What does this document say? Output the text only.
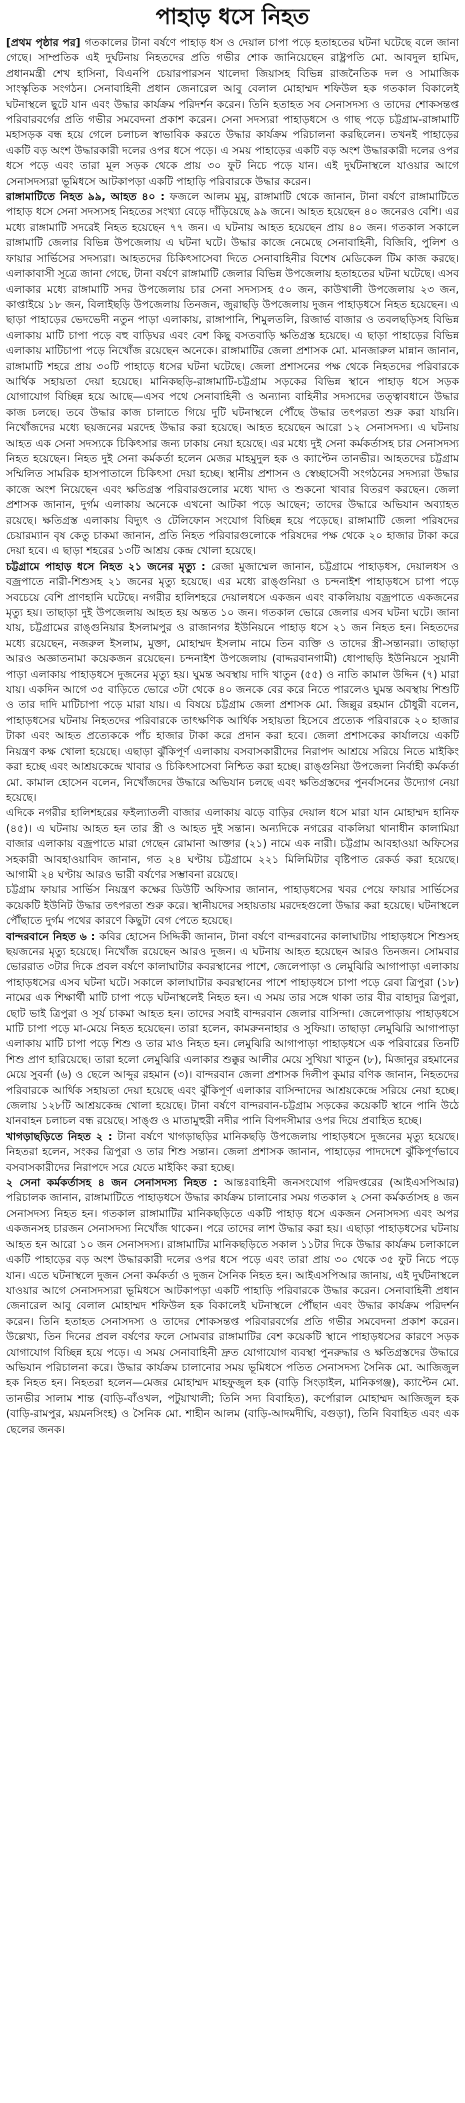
পাহাড় ধসে নিহত

[প্রথম পৃষ্ঠার পর] গতকালের টানা বর্ষণে পাহাড় ধস ও দেয়াল চাপা পড়ে হতাহতের ঘটনা ঘটেছে বলে জানা গেছে। সাম্প্রতিক এই দুর্ঘটনায় নিহতদের প্রতি গভীর শোক জানিয়েছেন রাষ্ট্রপতি মো. আবদুল হামিদ, প্রধানমন্ত্রী শেখ হাসিনা, বিএনপি চেয়ারপারসন খালেদা জিয়াসহ বিভিন্ন রাজনৈতিক দল ও সামাজিক সাংস্কৃতিক সংগঠন। সেনাবাহিনী প্রধান জেনারেল আবু বেলাল মোহাম্মদ শফিউল হক গতকাল বিকালেই ঘটনাস্থলে ছুটে যান এবং উদ্ধার কার্যক্রম পরিদর্শন করেন। তিনি হতাহত সব সেনাসদস্য ও তাদের শোকসন্তপ্ত পরিবারবর্গের প্রতি গভীর সমবেদনা প্রকাশ করেন। সেনা সদস্যরা পাহাড়ধসে ও গাছ পড়ে চট্টগ্রাম-রাঙ্গামাটি মহাসড়ক বন্ধ হয়ে গেলে চলাচল স্বাভাবিক করতে উদ্ধার কার্যক্রম পরিচালনা করছিলেন। তখনই পাহাড়ের একটি বড় অংশ উদ্ধারকারী দলের ওপর ধসে পড়ে। এ সময় পাহাড়ের একটি বড় অংশ উদ্ধারকারী দলের ওপর ধসে পড়ে এবং তারা মূল সড়ক থেকে প্রায় ৩০ ফুট নিচে পড়ে যান। এই দুর্ঘটনাস্থলে যাওয়ার আগে সেনাসদস্যরা ভূমিধসে আটকাপড়া একটি পাহাড়ি পরিবারকে উদ্ধার করেন।

রাঙ্গামাটিতে নিহত ৯৯, আহত ৪০ : ফজলে আলম মুমু, রাঙ্গামাটি থেকে জানান, টানা বর্ষণে রাঙ্গামাটিতে পাহাড় ধসে সেনা সদস্যসহ নিহতের সংখ্যা বেড়ে দাঁড়িয়েছে ৯৯ জনে। আহত হয়েছেন ৪০ জনেরও বেশি। এর মধ্যে রাঙ্গামাটি সদরেই নিহত হয়েছেন ৭৭ জন। এ ঘটনায় আহত হয়েছেন প্রায় ৪০ জন। গতকাল সকালে রাঙ্গামাটি জেলার বিভিন্ন উপজেলায় এ ঘটনা ঘটে। উদ্ধার কাজে নেমেছে সেনাবাহিনী, বিজিবি, পুলিশ ও ফায়ার সার্ভিসের সদস্যরা। আহতদের চিকিৎসাসেবা দিতে সেনাবাহিনীর বিশেষ মেডিকেল টিম কাজ করছে। এলাকাবাসী সূত্রে জানা গেছে, টানা বর্ষণে রাঙ্গামাটি জেলার বিভিন্ন উপজেলায় হতাহতের ঘটনা ঘটেছে। এসব এলাকার মধ্যে রাঙ্গামাটি সদর উপজেলায় চার সেনা সদস্যসহ ৫০ জন, কাউখালী উপজেলায় ২৩ জন, কাপ্তাইয়ে ১৮ জন, বিলাইছড়ি উপজেলায় তিনজন, জুরাছড়ি উপজেলায় দুজন পাহাড়ধসে নিহত হয়েছেন। এ ছাড়া পাহাড়ের ভেদভেদী নতুন পাড়া এলাকায়, রাঙ্গাপানি, শিমুলতলি, রিজার্ভ বাজার ও তবলছড়িসহ বিভিন্ন এলাকায় মাটি চাপা পড়ে বহু বাড়িঘর এবং বেশ কিছু বসতবাড়ি ক্ষতিগ্রস্ত হয়েছে। এ ছাড়া পাহাড়ের বিভিন্ন এলাকায় মাটিচাপা পড়ে নিখোঁজ রয়েছেন অনেকে। রাঙ্গামাটির জেলা প্রশাসক মো. মানজারুল মান্নান জানান, রাঙ্গামাটি শহরে প্রায় ৩০টি পাহাড়ে ধসের ঘটনা ঘটেছে। জেলা প্রশাসনের পক্ষ থেকে নিহতদের পরিবারকে আর্থিক সহায়তা দেয়া হয়েছে। মানিকছড়ি-রাঙ্গামাটি-চট্টগ্রাম সড়কের বিভিন্ন স্থানে পাহাড় ধসে সড়ক যোগাযোগ বিচ্ছিন্ন হয়ে আছে—এসব পথে সেনাবাহিনী ও অন্যান্য বাহিনীর সদস্যদের তত্ত্বাবধানে উদ্ধার কাজ চলছে। তবে উদ্ধার কাজ চালাতে গিয়ে দুটি ঘটনাস্থলে পৌঁছে উদ্ধার তৎপরতা শুরু করা যায়নি। নিখোঁজদের মধ্যে ছয়জনের মরদেহ উদ্ধার করা হয়েছে। আহত হয়েছেন আরো ১২ সেনাসদস্য। এ ঘটনায় আহত এক সেনা সদস্যকে চিকিৎসার জন্য ঢাকায় নেয়া হয়েছে। এর মধ্যে দুই সেনা কর্মকর্তাসহ চার সেনাসদস্য নিহত হয়েছেন। নিহত দুই সেনা কর্মকর্তা হলেন মেজর মাহমুদুল হক ও ক্যাপ্টেন তানভীর। আহতদের চট্টগ্রাম সম্মিলিত সামরিক হাসপাতালে চিকিৎসা দেয়া হচ্ছে। স্থানীয় প্রশাসন ও স্বেচ্ছাসেবী সংগঠনের সদস্যরা উদ্ধার কাজে অংশ নিয়েছেন এবং ক্ষতিগ্রস্ত পরিবারগুলোর মধ্যে খাদ্য ও শুকনো খাবার বিতরণ করছেন। জেলা প্রশাসক জানান, দুর্গম এলাকায় অনেকে এখনো আটকা পড়ে আছেন; তাদের উদ্ধারে অভিযান অব্যাহত রয়েছে। ক্ষতিগ্রস্ত এলাকায় বিদ্যুৎ ও টেলিফোন সংযোগ বিচ্ছিন্ন হয়ে পড়েছে। রাঙ্গামাটি জেলা পরিষদের চেয়ারম্যান বৃষ কেতু চাকমা জানান, প্রতি নিহত পরিবারগুলোকে পরিষদের পক্ষ থেকে ২০ হাজার টাকা করে দেয়া হবে। এ ছাড়া শহরের ১৩টি আশ্রয় কেন্দ্র খোলা হয়েছে।

চট্টগ্রামে পাহাড় ধসে নিহত ২১ জনের মৃত্যু : রেজা মুজাম্মেল জানান, চট্টগ্রামে পাহাড়ধস, দেয়ালধস ও বজ্রপাতে নারী-শিশুসহ ২১ জনের মৃত্যু হয়েছে। এর মধ্যে রাঙ্গুনিয়া ও চন্দনাইশ পাহাড়ধসে চাপা পড়ে সবচেয়ে বেশি প্রাণহানি ঘটেছে। নগরীর হালিশহরে দেয়ালধসে একজন এবং বাকলিয়ায় বজ্রপাতে একজনের মৃত্যু হয়। তাছাড়া দুই উপজেলায় আহত হয় অন্তত ১০ জন। গতকাল ভোরে জেলার এসব ঘটনা ঘটে। জানা যায়, চট্টগ্রামের রাঙ্গুনিয়ার ইসলামপুর ও রাজানগর ইউনিয়নে পাহাড় ধসে ২১ জন নিহত হন। নিহতদের মধ্যে রয়েছেন, নজরুল ইসলাম, মুক্তা, মোহাম্মদ ইসলাম নামে তিন ব্যক্তি ও তাদের স্ত্রী-সন্তানরা। তাছাড়া আরও অজ্ঞাতনামা কয়েকজন রয়েছেন। চন্দনাইশ উপজেলায় (বাদ্দরবানগামী) ধোপাছড়ি ইউনিয়নে সুয়ানী পাড়া এলাকায় পাহাড়ধসে দুজনের মৃত্যু হয়। ঘুমন্ত অবস্থায় দাদি খাতুন (৫৫) ও নাতি কামাল উদ্দিন (৭) মারা যায়। একদিন আগে ৩৫ বাড়িতে ভোরে ৩টা থেকে ৪০ জনকে বের করে নিতে পারলেও ঘুমন্ত অবস্থায় শিশুটি ও তার দাদি মাটিচাপা পড়ে মারা যায়। এ বিষয়ে চট্টগ্রাম জেলা প্রশাসক মো. জিল্লুর রহমান চৌধুরী বলেন, পাহাড়ধসের ঘটনায় নিহতদের পরিবারকে তাৎক্ষণিক আর্থিক সহায়তা হিসেবে প্রত্যেক পরিবারকে ২০ হাজার টাকা এবং আহত প্রত্যেককে পাঁচ হাজার টাকা করে প্রদান করা হবে। জেলা প্রশাসকের কার্যালয়ে একটি নিয়ন্ত্রণ কক্ষ খোলা হয়েছে। এছাড়া ঝুঁকিপূর্ণ এলাকায় বসবাসকারীদের নিরাপদ আশ্রয়ে সরিয়ে নিতে মাইকিং করা হচ্ছে এবং আশ্রয়কেন্দ্রে খাবার ও চিকিৎসাসেবা নিশ্চিত করা হচ্ছে। রাঙ্গুনিয়া উপজেলা নির্বাহী কর্মকর্তা মো. কামাল হোসেন বলেন, নিখোঁজদের উদ্ধারে অভিযান চলছে এবং ক্ষতিগ্রস্তদের পুনর্বাসনের উদ্যোগ নেয়া হয়েছে।

এদিকে নগরীর হালিশহরের ফইল্যাতলী বাজার এলাকায় ঝড়ে বাড়ির দেয়াল ধসে মারা যান মোহাম্মদ হানিফ (৪৫)। এ ঘটনায় আহত হন তার স্ত্রী ও আহত দুই সন্তান। অন্যদিকে নগরের বাকলিয়া থানাধীন কালামিয়া বাজার এলাকায় বজ্রপাতে মারা গেছেন রোমানা আক্তার (২১) নামে এক নারী। চট্টগ্রাম আবহাওয়া অফিসের সহকারী আবহাওয়াবিদ জানান, গত ২৪ ঘণ্টায় চট্টগ্রামে ২২১ মিলিমিটার বৃষ্টিপাত রেকর্ড করা হয়েছে। আগামী ২৪ ঘণ্টায় আরও ভারী বর্ষণের সম্ভাবনা রয়েছে।

চট্টগ্রাম ফায়ার সার্ভিস নিয়ন্ত্রণ কক্ষের ডিউটি অফিসার জানান, পাহাড়ধসের খবর পেয়ে ফায়ার সার্ভিসের কয়েকটি ইউনিট উদ্ধার তৎপরতা শুরু করে। স্থানীয়দের সহায়তায় মরদেহগুলো উদ্ধার করা হয়েছে। ঘটনাস্থলে পৌঁছাতে দুর্গম পথের কারণে কিছুটা বেগ পেতে হয়েছে।

বান্দরবানে নিহত ৬ : কবির হোসেন সিদ্দিকী জানান, টানা বর্ষণে বান্দরবানের কালাঘাটায় পাহাড়ধসে শিশুসহ ছয়জনের মৃত্যু হয়েছে। নিখোঁজ রয়েছেন আরও দুজন। এ ঘটনায় আহত হয়েছেন আরও তিনজন। সোমবার ভোররাত ৩টার দিকে প্রবল বর্ষণে কালাঘাটার কবরস্থানের পাশে, জেলেপাড়া ও লেমুঝিরি আগাপাড়া এলাকায় পাহাড়ধসের এসব ঘটনা ঘটে। সকালে কালাঘাটার কবরস্থানের পাশে পাহাড়ধসে চাপা পড়ে রেবা ত্রিপুরা (১৮) নামের এক শিক্ষার্থী মাটি চাপা পড়ে ঘটনাস্থলেই নিহত হন। এ সময় তার সঙ্গে থাকা তার বীর বাহাদুর ত্রিপুরা, ছোট ভাই ত্রিপুরা ও সূর্য চাকমা আহত হন। তাদের সবাই বান্দরবান জেলার বাসিন্দা। জেলেপাড়ায় পাহাড়ধসে মাটি চাপা পড়ে মা-মেয়ে নিহত হয়েছেন। তারা হলেন, কামরুননাহার ও সুফিয়া। তাছাড়া লেমুঝিরি আগাপাড়া এলাকায় মাটি চাপা পড়ে শিশু ও তার মাও নিহত হন। লেমুঝিরি আগাপাড়া পাহাড়ধসে এক পরিবারের তিনটি শিশু প্রাণ হারিয়েছে। তারা হলো লেমুঝিরি এলাকার শুক্কুর আলীর মেয়ে সুখিয়া খাতুন (৮), মিজানুর রহমানের মেয়ে সুবর্না (৬) ও ছেলে আব্দুর রহমান (৩)। বান্দরবান জেলা প্রশাসক দিলীপ কুমার বণিক জানান, নিহতদের পরিবারকে আর্থিক সহায়তা দেয়া হয়েছে এবং ঝুঁকিপূর্ণ এলাকার বাসিন্দাদের আশ্রয়কেন্দ্রে সরিয়ে নেয়া হচ্ছে। জেলায় ১২৮টি আশ্রয়কেন্দ্র খোলা হয়েছে। টানা বর্ষণে বান্দরবান-চট্টগ্রাম সড়কের কয়েকটি স্থানে পানি উঠে যানবাহন চলাচল বন্ধ রয়েছে। সাঙ্গু ও মাতামুহুরী নদীর পানি বিপদসীমার ওপর দিয়ে প্রবাহিত হচ্ছে।

খাগড়াছড়িতে নিহত ২ : টানা বর্ষণে খাগড়াছড়ির মানিকছড়ি উপজেলায় পাহাড়ধসে দুজনের মৃত্যু হয়েছে। নিহতরা হলেন, সংকর ত্রিপুরা ও তার শিশু সন্তান। জেলা প্রশাসক জানান, পাহাড়ের পাদদেশে ঝুঁকিপূর্ণভাবে বসবাসকারীদের নিরাপদে সরে যেতে মাইকিং করা হচ্ছে।

২ সেনা কর্মকর্তাসহ ৪ জন সেনাসদস্য নিহত : আন্তঃবাহিনী জনসংযোগ পরিদপ্তরের (আইএসপিআর) পরিচালক জানান, রাঙ্গামাটিতে পাহাড়ধসে উদ্ধার কার্যক্রম চালানোর সময় গতকাল ২ সেনা কর্মকর্তাসহ ৪ জন সেনাসদস্য নিহত হন। গতকাল রাঙ্গামাটির মানিকছড়িতে একটি পাহাড় ধসে একজন সেনাসদস্য এবং অপর একজনসহ চারজন সেনাসদস্য নিখোঁজ থাকেন। পরে তাদের লাশ উদ্ধার করা হয়। এছাড়া পাহাড়ধসের ঘটনায় আহত হন আরো ১০ জন সেনাসদস্য। রাঙ্গামাটির মানিকছড়িতে সকাল ১১টার দিকে উদ্ধার কার্যক্রম চলাকালে একটি পাহাড়ের বড় অংশ উদ্ধারকারী দলের ওপর ধসে পড়ে এবং তারা প্রায় ৩০ থেকে ৩৫ ফুট নিচে পড়ে যান। এতে ঘটনাস্থলে দুজন সেনা কর্মকর্তা ও দুজন সৈনিক নিহত হন। আইএসপিআর জানায়, এই দুর্ঘটনাস্থলে যাওয়ার আগে সেনাসদস্যরা ভূমিধসে আটকাপড়া একটি পাহাড়ি পরিবারকে উদ্ধার করেন। সেনাবাহিনী প্রধান জেনারেল আবু বেলাল মোহাম্মদ শফিউল হক বিকালেই ঘটনাস্থলে পৌঁছান এবং উদ্ধার কার্যক্রম পরিদর্শন করেন। তিনি হতাহত সেনাসদস্য ও তাদের শোকসন্তপ্ত পরিবারবর্গের প্রতি গভীর সমবেদনা প্রকাশ করেন। উল্লেখ্য, তিন দিনের প্রবল বর্ষণের ফলে সোমবার রাঙ্গামাটির বেশ কয়েকটি স্থানে পাহাড়ধসের কারণে সড়ক যোগাযোগ বিচ্ছিন্ন হয়ে পড়ে। এ সময় সেনাবাহিনী দ্রুত যোগাযোগ ব্যবস্থা পুনরুদ্ধার ও ক্ষতিগ্রস্তদের উদ্ধারে অভিযান পরিচালনা করে। উদ্ধার কার্যক্রম চালানোর সময় ভূমিধসে পতিত সেনাসদস্য সৈনিক মো. আজিজুল হক নিহত হন। নিহতরা হলেন—মেজর মোহাম্মদ মাহফুজুল হক (বাড়ি সিংড়াইল, মানিকগঞ্জ), ক্যাপ্টেন মো. তানভীর সালাম শান্ত (বাড়ি-বাঁওখল, পটুয়াখালী; তিনি সদ্য বিবাহিত), কর্পোরাল মোহাম্মদ আজিজুল হক (বাড়ি-রামপুর, ময়মনসিংহ) ও সৈনিক মো. শাহীন আলম (বাড়ি-আদমদীঘি, বগুড়া), তিনি বিবাহিত এবং এক ছেলের জনক।
